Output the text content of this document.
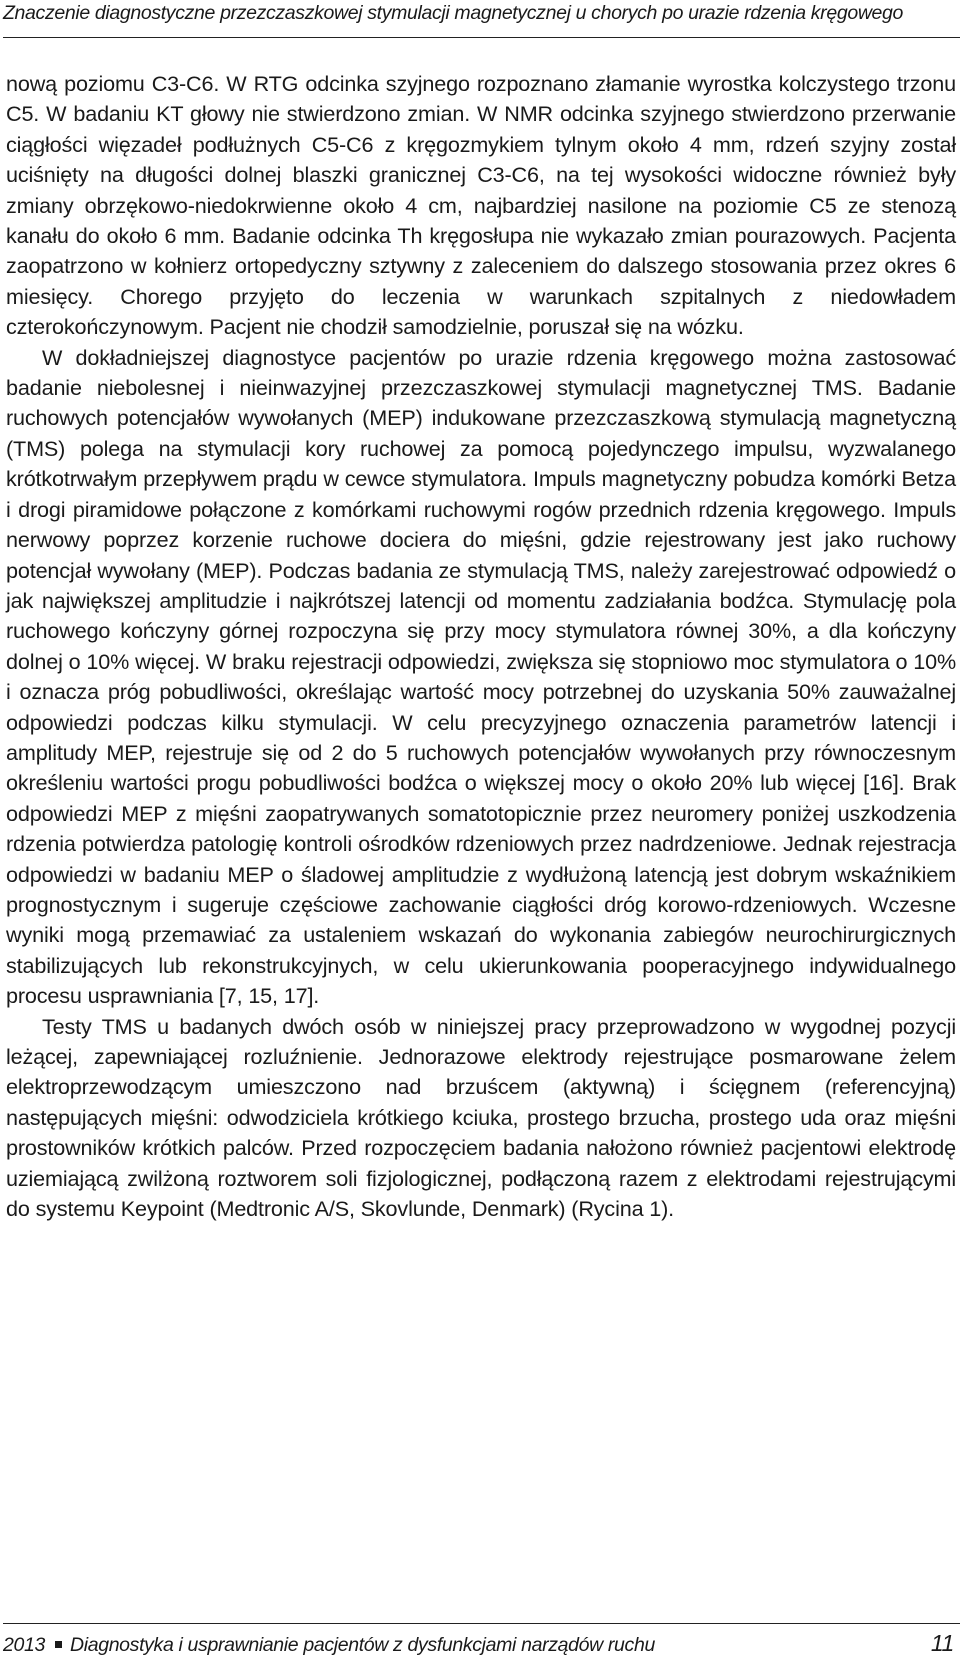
Znaczenie diagnostyczne przezczaszkowej stymulacji magnetycznej u chorych po urazie rdzenia kręgowego

nową poziomu C3-C6. W RTG odcinka szyjnego rozpoznano złamanie wyrostka kolczystego trzonu C5. W badaniu KT głowy nie stwierdzono zmian. W NMR odcinka szyjnego stwierdzono przerwanie ciągłości więzadeł podłużnych C5-C6 z kręgozmykiem tylnym około 4 mm, rdzeń szyjny został uciśnięty na długości dolnej blaszki granicznej C3-C6, na tej wysokości widoczne również były zmiany obrzękowo-niedokrwienne około 4 cm, najbardziej nasilone na poziomie C5 ze stenozą kanału do około 6 mm. Badanie odcinka Th kręgosłupa nie wykazało zmian pourazowych. Pacjenta zaopatrzono w kołnierz ortopedyczny sztywny z zaleceniem do dalszego stosowania przez okres 6 miesięcy. Chorego przyjęto do leczenia w warunkach szpitalnych z niedowładem czterokończynowym. Pacjent nie chodził samodzielnie, poruszał się na wózku.

W dokładniejszej diagnostyce pacjentów po urazie rdzenia kręgowego można zastosować badanie niebolesnej i nieinwazyjnej przezczaszkowej stymulacji magnetycznej TMS. Badanie ruchowych potencjałów wywołanych (MEP) indukowane przezczaszkową stymulacją magnetyczną (TMS) polega na stymulacji kory ruchowej za pomocą pojedynczego impulsu, wyzwalanego krótkotrwałym przepływem prądu w cewce stymulatora. Impuls magnetyczny pobudza komórki Betza i drogi piramidowe połączone z komórkami ruchowymi rogów przednich rdzenia kręgowego. Impuls nerwowy poprzez korzenie ruchowe dociera do mięśni, gdzie rejestrowany jest jako ruchowy potencjał wywołany (MEP). Podczas badania ze stymulacją TMS, należy zarejestrować odpowiedź o jak największej amplitudzie i najkrótszej latencji od momentu zadziałania bodźca. Stymulację pola ruchowego kończyny górnej rozpoczyna się przy mocy stymulatora równej 30%, a dla kończyny dolnej o 10% więcej. W braku rejestracji odpowiedzi, zwiększa się stopniowo moc stymulatora o 10% i oznacza próg pobudliwości, określając wartość mocy potrzebnej do uzyskania 50% zauważalnej odpowiedzi podczas kilku stymulacji. W celu precyzyjnego oznaczenia parametrów latencji i amplitudy MEP, rejestruje się od 2 do 5 ruchowych potencjałów wywołanych przy równoczesnym określeniu wartości progu pobudliwości bodźca o większej mocy o około 20% lub więcej [16]. Brak odpowiedzi MEP z mięśni zaopatrywanych somatotopicznie przez neuromery poniżej uszkodzenia rdzenia potwierdza patologię kontroli ośrodków rdzeniowych przez nadrdzeniowe. Jednak rejestracja odpowiedzi w badaniu MEP o śladowej amplitudzie z wydłużoną latencją jest dobrym wskaźnikiem prognostycznym i sugeruje częściowe zachowanie ciągłości dróg korowo-rdzeniowych. Wczesne wyniki mogą przemawiać za ustaleniem wskazań do wykonania zabiegów neurochirurgicznych stabilizujących lub rekonstrukcyjnych, w celu ukierunkowania pooperacyjnego indywidualnego procesu usprawniania [7, 15, 17].

Testy TMS u badanych dwóch osób w niniejszej pracy przeprowadzono w wygodnej pozycji leżącej, zapewniającej rozluźnienie. Jednorazowe elektrody rejestrujące posmarowane żelem elektroprzewodzącym umieszczono nad brzuścem (aktywną) i ścięgnem (referencyjną) następujących mięśni: odwodziciela krótkiego kciuka, prostego brzucha, prostego uda oraz mięśni prostowników krótkich palców. Przed rozpoczęciem badania nałożono również pacjentowi elektrodę uziemiającą zwilżoną roztworem soli fizjologicznej, podłączoną razem z elektrodami rejestrującymi do systemu Keypoint (Medtronic A/S, Skovlunde, Denmark) (Rycina 1).

2013 Diagnostyka i usprawnianie pacjentów z dysfunkcjami narządów ruchu	11
